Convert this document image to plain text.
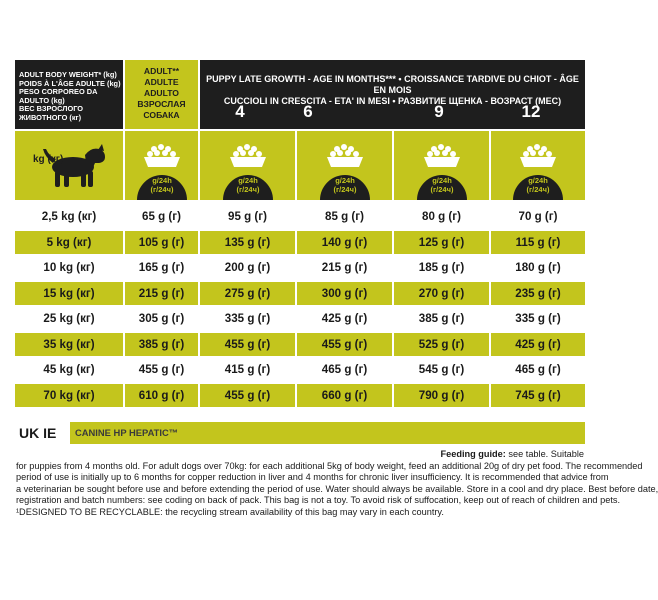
ADULT BODY WEIGHT* (kg)
POIDS À L'ÂGE ADULTE (kg)
PESO CORPOREO DA ADULTO (kg)
ВЕС ВЗРОСЛОГО ЖИВОТНОГО (кг)
ADULT**
ADULTE
ADULTO
ВЗРОСЛАЯ СОБАКА
PUPPY LATE GROWTH - AGE IN MONTHS*** • CROISSANCE TARDIVE DU CHIOT - ÂGE EN MOIS
CUCCIOLI IN CRESCITA - ETA' IN MESI • РАЗВИТИЕ ЩЕНКА - ВОЗРАСТ (МЕС)
4	6	9	12
kg (кг)
g/24h
(г/24ч)
g/24h
(г/24ч)
g/24h
(г/24ч)
g/24h
(г/24ч)
g/24h
(г/24ч)
2,5 kg (кг)	65 g (г)	95 g (г)	85 g (г)	80 g (г)	70 g (г)
5 kg (кг)	105 g (г)	135 g (г)	140 g (г)	125 g (г)	115 g (г)
10 kg (кг)	165 g (г)	200 g (г)	215 g (г)	185 g (г)	180 g (г)
15 kg (кг)	215 g (г)	275 g (г)	300 g (г)	270 g (г)	235 g (г)
25 kg (кг)	305 g (г)	335 g (г)	425 g (г)	385 g (г)	335 g (г)
35 kg (кг)	385 g (г)	455 g (г)	455 g (г)	525 g (г)	425 g (г)
45 kg (кг)	455 g (г)	415 g (г)	465 g (г)	545 g (г)	465 g (г)
70 kg (кг)	610 g (г)	455 g (г)	660 g (г)	790 g (г)	745 g (г)
UK IE	CANINE HP HEPATIC™
Feeding guide: see table. Suitable
for puppies from 4 months old. For adult dogs over 70kg: for each additional 5kg of body weight, feed an additional 20g of dry pet food. The recommended
period of use is initially up to 6 months for copper reduction in liver and 4 months for chronic liver insufficiency. It is recommended that advice from
a veterinarian be sought before use and before extending the period of use. Water should always be available. Store in a cool and dry place. Best before date,
registration and batch numbers: see coding on back of pack. This bag is not a toy. To avoid risk of suffocation, keep out of reach of children and pets.
¹DESIGNED TO BE RECYCLABLE: the recycling stream availability of this bag may vary in each country.
